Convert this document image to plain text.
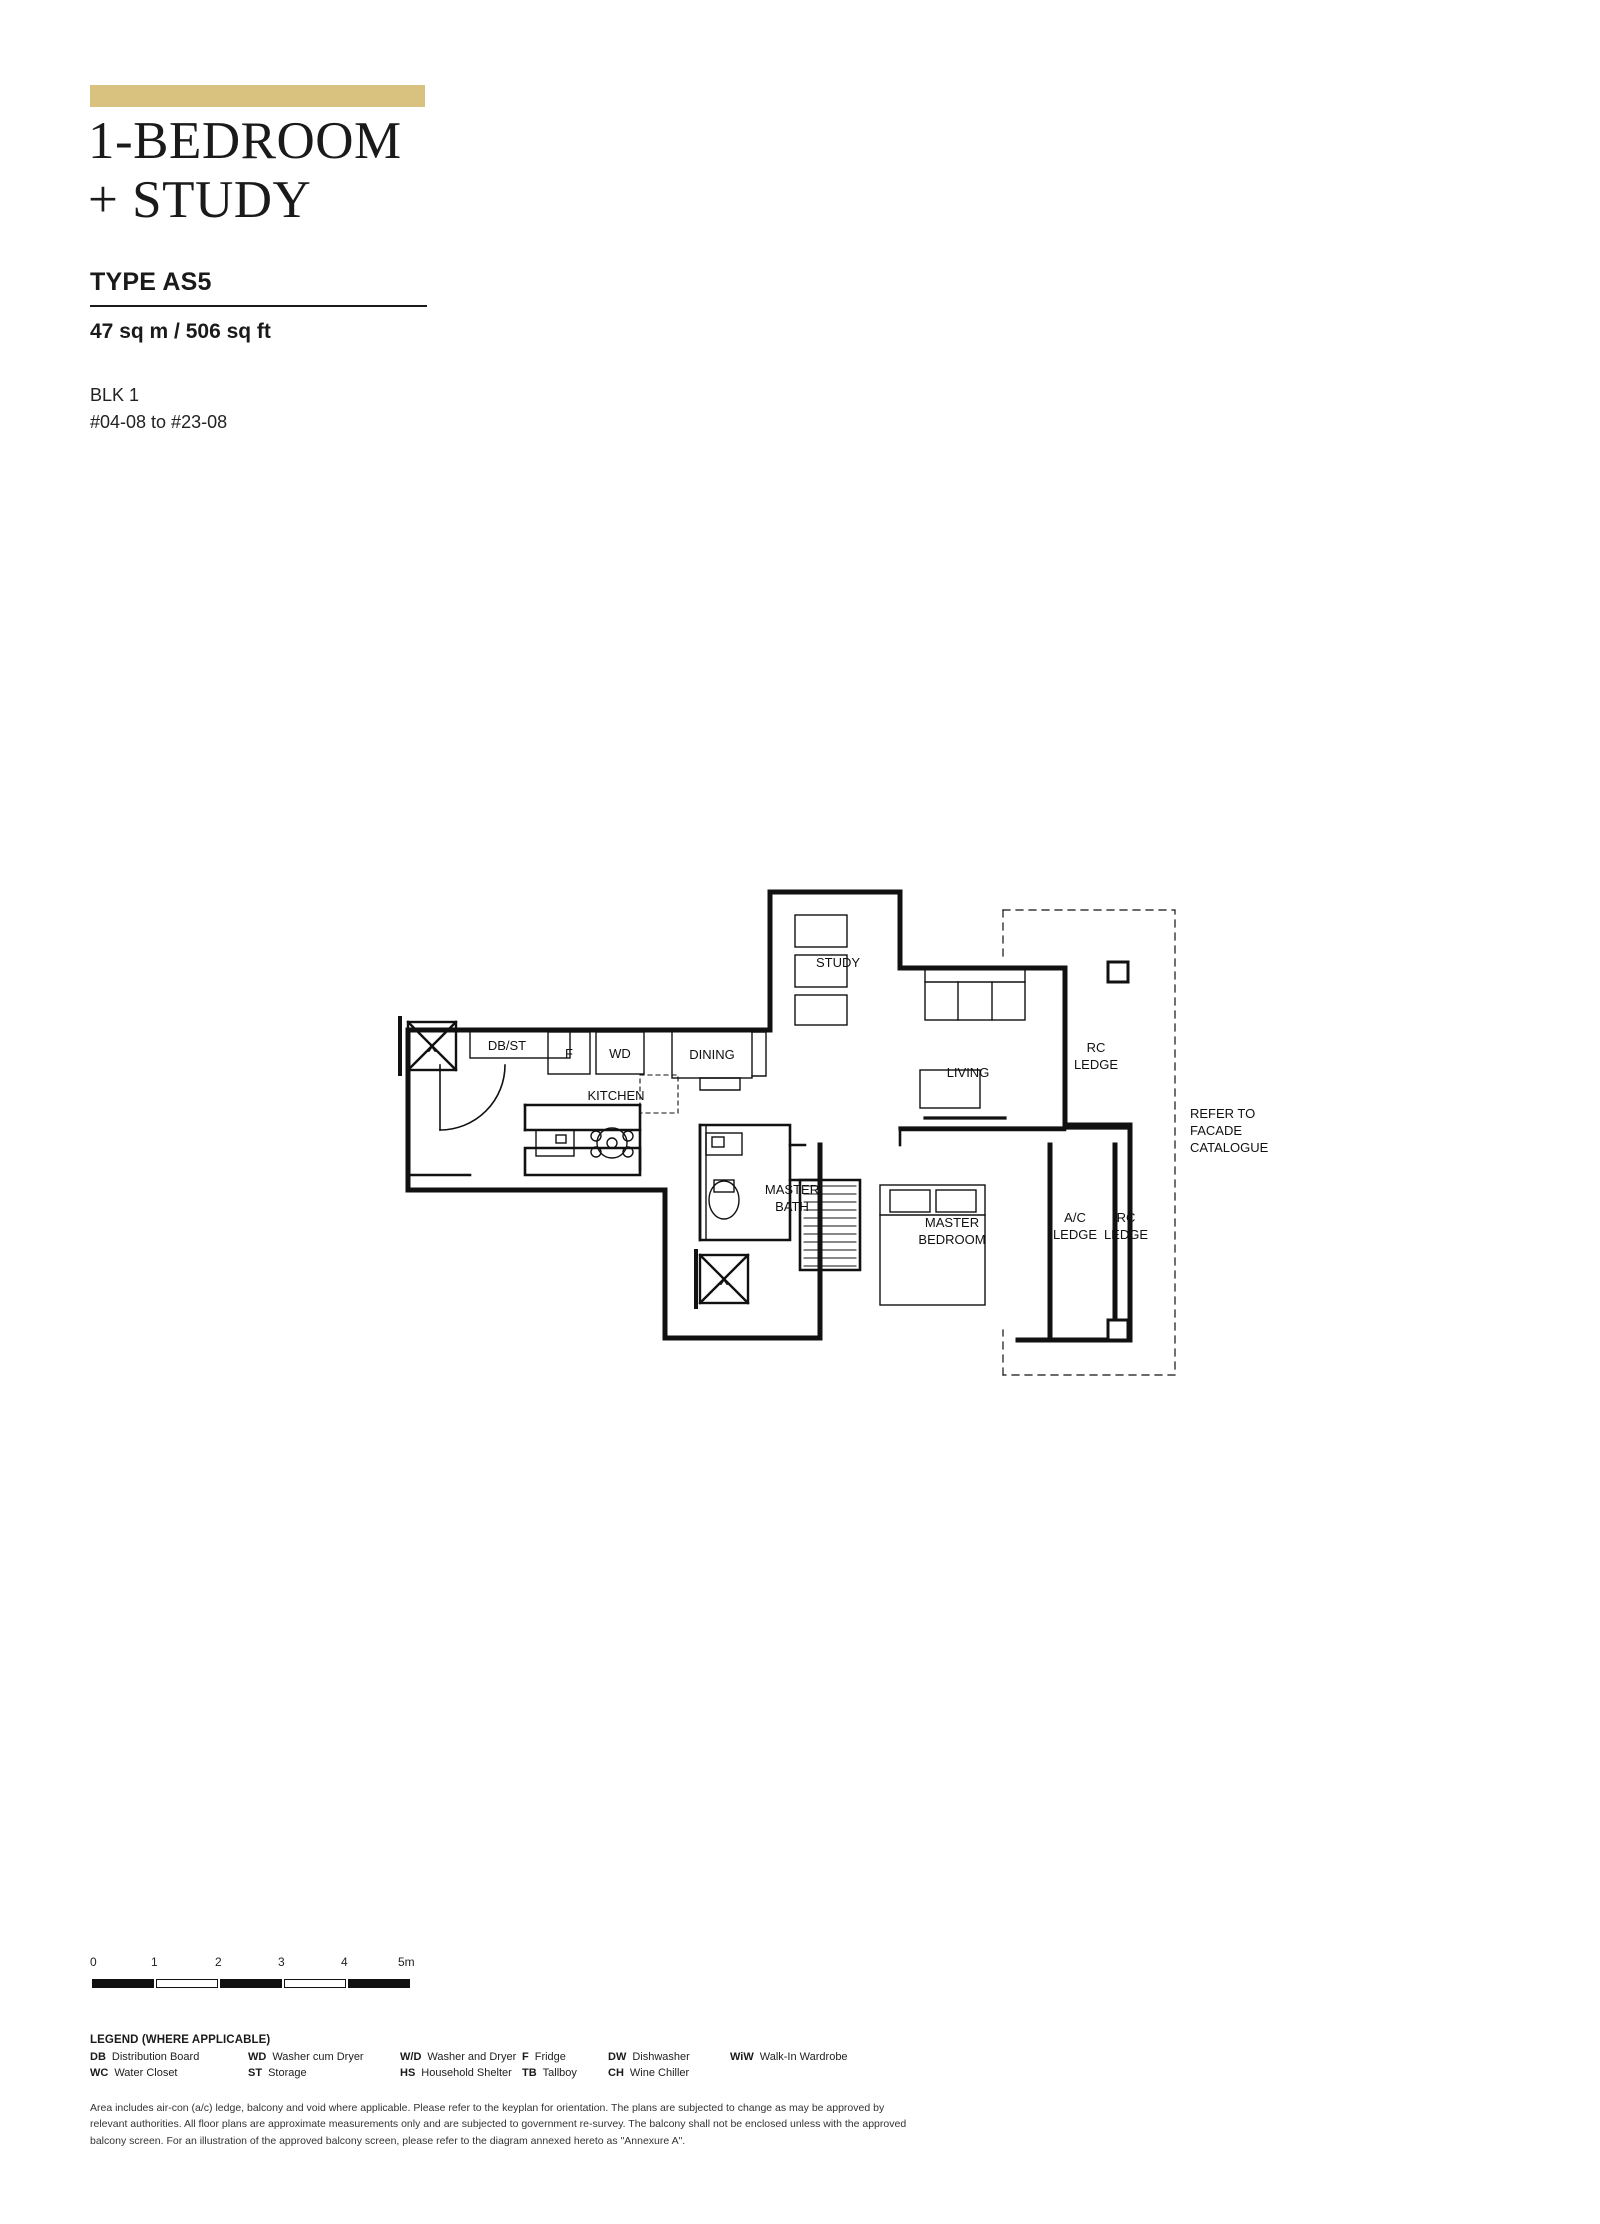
1-BEDROOM
+ STUDY
TYPE AS5
47 sq m / 506 sq ft
BLK 1
#04-08 to #23-08
STUDY
DINING
KITCHEN
LIVING
MASTER
BATH
MASTER
BEDROOM
RC
LEDGE
A/C
LEDGE
RC
LEDGE
DB/ST
F	WD
X
X
REFER TO
FACADE
CATALOGUE
0	1	2	3	4	5m
LEGEND (WHERE APPLICABLE)
DB Distribution Board	WD Washer cum Dryer	W/D Washer and Dryer F Fridge	DW Dishwasher	WiW Walk-In Wardrobe
WC Water Closet	ST Storage	HS Household Shelter TB Tallboy	CH Wine Chiller
Area includes air-con (a/c) ledge, balcony and void where applicable. Please refer to the keyplan for orientation. The plans are subjected to change as may be approved by relevant authorities. All floor plans are approximate measurements only and are subjected to government re-survey. The balcony shall not be enclosed unless with the approved balcony screen. For an illustration of the approved balcony screen, please refer to the diagram annexed hereto as "Annexure A".
